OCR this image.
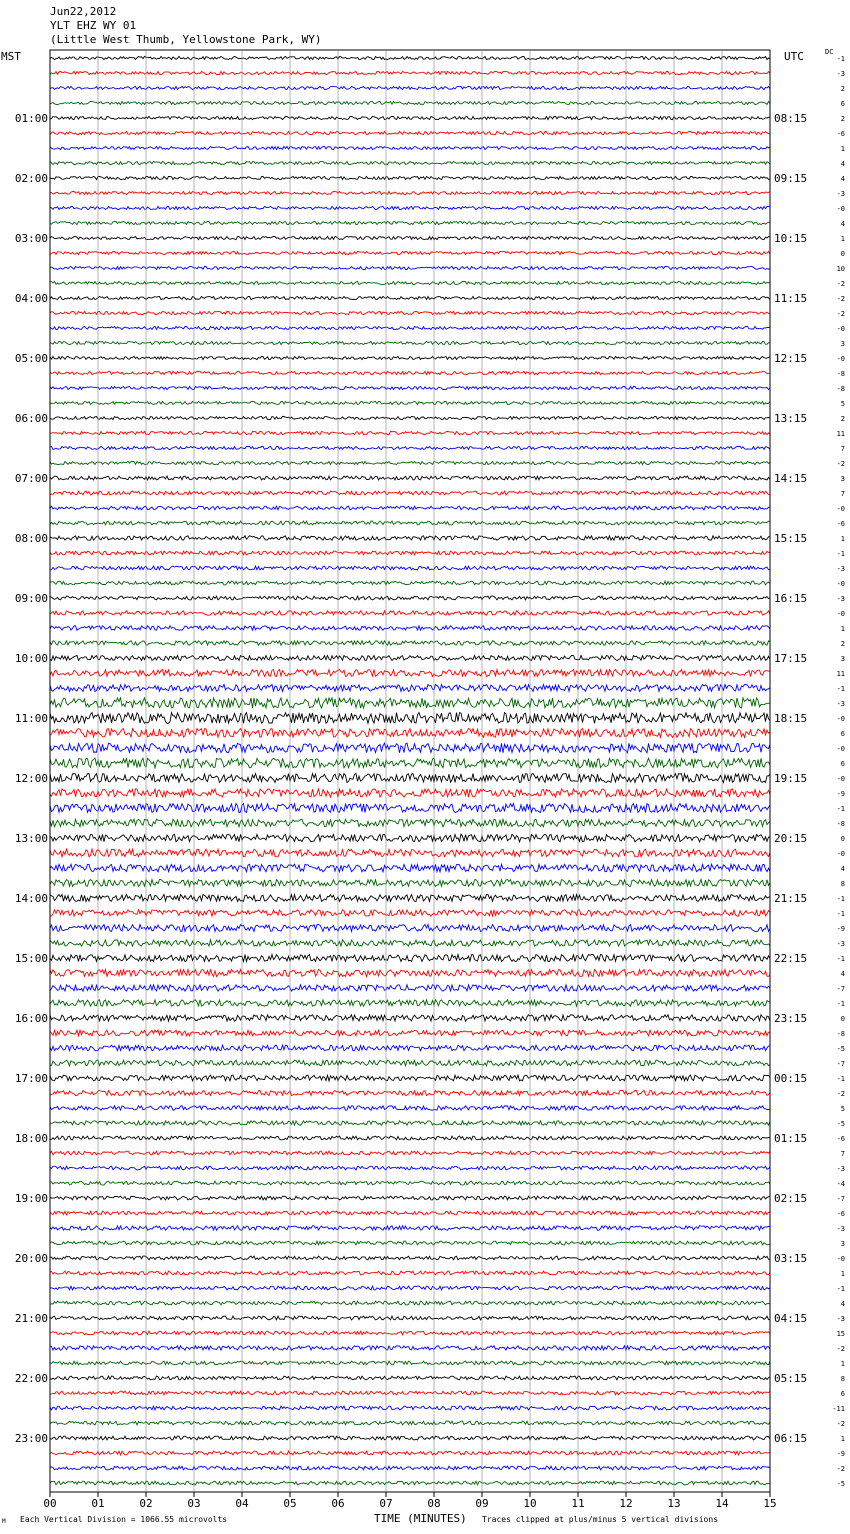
00	01	02	03	04	05	06	07	08	09	10	11	12	13	14	15
01:00
02:00
03:00
04:00
05:00
06:00
07:00
08:00
09:00
10:00
11:00
12:00
13:00
14:00
15:00
16:00
17:00
18:00
19:00
20:00
21:00
22:00
23:00
08:15
09:15
10:15
11:15
12:15
13:15
14:15
15:15
16:15
17:15
18:15
19:15
20:15
21:15
22:15
23:15
00:15
01:15
02:15
03:15
04:15
05:15
06:15
-1
-3
2
6
2
-6
1
4
4
-3
-0
4
1
0
10
-2
-2
-2
-0
3
-0
-8
-8
5
2
11
7
-2
3
7
-0
-6
1
-1
-3
-0
-3
-0
1
2
3
11
-1
-3
-0
6
-0
6
-0
-9
-1
-8
0
-0
4
8
-1
-1
-9
-3
-1
4
-7
-1
0
-8
-5
-7
-1
-2
5
-5
-6
7
-3
-4
-7
-6
-3
3
-0
1
-1
4
-3
15
-2
1
8
6
-11
-2
1
-9
-2
-5
Jun22,2012
YLT EHZ WY 01
(Little West Thumb, Yellowstone Park, WY)
MST	UTC	DC
Each Vertical Division = 1066.55 microvolts	TIME (MINUTES) Traces clipped at plus/minus 5 vertical divisions
M
